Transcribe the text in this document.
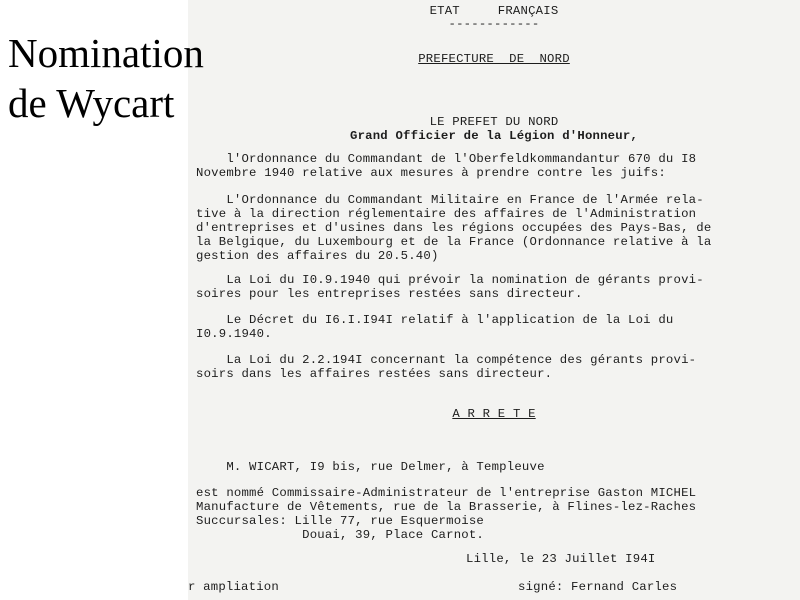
Nomination
de Wycart
ETAT     FRANÇAIS
------------
PREFECTURE  DE  NORD
LE PREFET DU NORD
Grand Officier de la Légion d'Honneur,
l'Ordonnance du Commandant de l'Oberfeldkommandantur 670 du I8
Novembre 1940 relative aux mesures à prendre contre les juifs:
L'Ordonnance du Commandant Militaire en France de l'Armée rela-
tive à la direction réglementaire des affaires de l'Administration
d'entreprises et d'usines dans les régions occupées des Pays-Bas, de
la Belgique, du Luxembourg et de la France (Ordonnance relative à la
gestion des affaires du 20.5.40)
La Loi du I0.9.1940 qui prévoir la nomination de gérants provi-
soires pour les entreprises restées sans directeur.
Le Décret du I6.I.I94I relatif à l'application de la Loi du
I0.9.1940.
La Loi du 2.2.194I concernant la compétence des gérants provi-
soirs dans les affaires restées sans directeur.
A R R E T E
M. WICART, I9 bis, rue Delmer, à Templeuve
est nommé Commissaire-Administrateur de l'entreprise Gaston MICHEL
Manufacture de Vêtements, rue de la Brasserie, à Flines-lez-Raches
Succursales: Lille 77, rue Esquermoise
Douai, 39, Place Carnot.
Lille, le 23 Juillet I94I
r ampliation	signé: Fernand Carles
